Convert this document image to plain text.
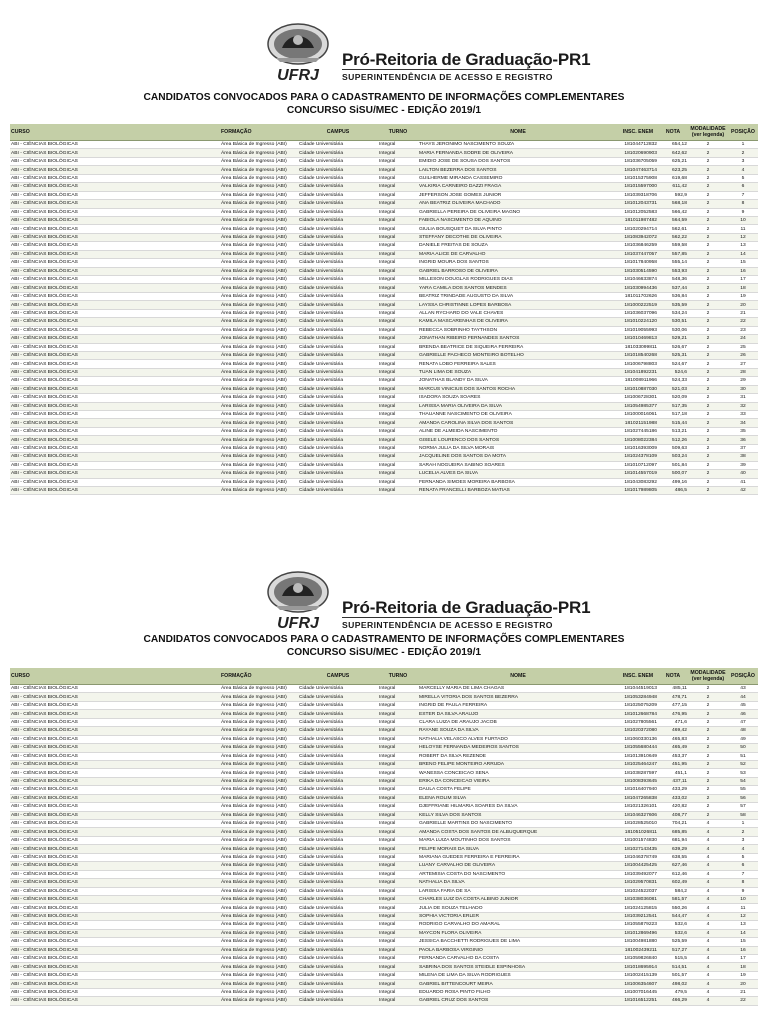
UFRJ
Pró-Reitoria de Graduação-PR1
SUPERINTENDÊNCIA DE ACESSO E REGISTRO
CANDIDATOS CONVOCADOS PARA O CADASTRAMENTO DE INFORMAÇÕES COMPLEMENTARES
CONCURSO SiSU/MEC - EDIÇÃO 2019/1
CURSO	FORMAÇÃO	CAMPUS	TURNO	NOME	INSC. ENEM	NOTA	MODALIDADE (ver legenda)	POSIÇÃO
ABI - CIÊNCIAS BIOLÓGICAS	Área Básica de Ingresso (ABI)	Cidade Universitária	Integral	THAYS JERONIMO NASCIMENTO SOUZA	181044712832	654,12	2	1
ABI - CIÊNCIAS BIOLÓGICAS	Área Básica de Ingresso (ABI)	Cidade Universitária	Integral	MARIA FERNANDA SODRE DE OLIVEIRA	181020690903	642,62	2	2
ABI - CIÊNCIAS BIOLÓGICAS	Área Básica de Ingresso (ABI)	Cidade Universitária	Integral	EMIDIO JOSE DE SOUSA DOS SANTOS	181036705059	625,21	2	3
ABI - CIÊNCIAS BIOLÓGICAS	Área Básica de Ingresso (ABI)	Cidade Universitária	Integral	LAILTON BEZERRA DOS SANTOS	181047463714	623,25	2	4
ABI - CIÊNCIAS BIOLÓGICAS	Área Básica de Ingresso (ABI)	Cidade Universitária	Integral	GUILHERME MIRANDA CASSEMIRO	181015375908	619,68	2	5
ABI - CIÊNCIAS BIOLÓGICAS	Área Básica de Ingresso (ABI)	Cidade Universitária	Integral	VALKIRIA CARNEIRO DAZZI FRAGA	181015597000	611,42	2	6
ABI - CIÊNCIAS BIOLÓGICAS	Área Básica de Ingresso (ABI)	Cidade Universitária	Integral	JEFFERSON JOSE GOMES JUNIOR	181039318706	592,9	2	7
ABI - CIÊNCIAS BIOLÓGICAS	Área Básica de Ingresso (ABI)	Cidade Universitária	Integral	ANA BEATRIZ OLIVEIRA MACHADO	181012043731	568,18	2	8
ABI - CIÊNCIAS BIOLÓGICAS	Área Básica de Ingresso (ABI)	Cidade Universitária	Integral	GABRIELLA PEREIRA DE OLIVEIRA MAGNO	181012052583	566,42	2	9
ABI - CIÊNCIAS BIOLÓGICAS	Área Básica de Ingresso (ABI)	Cidade Universitária	Integral	FABIOLA NASCIMENTO DE AQUINO	181011987482	564,59	2	10
ABI - CIÊNCIAS BIOLÓGICAS	Área Básica de Ingresso (ABI)	Cidade Universitária	Integral	GIULIA BOUSQUET DA SILVA PINTO	181020294714	562,61	2	11
ABI - CIÊNCIAS BIOLÓGICAS	Área Básica de Ingresso (ABI)	Cidade Universitária	Integral	STEFFANY DECOTHE DE OLIVEIRA	181083942072	562,22	2	12
ABI - CIÊNCIAS BIOLÓGICAS	Área Básica de Ingresso (ABI)	Cidade Universitária	Integral	DANIELE FREITAS DE SOUZA	181036846259	559,58	2	13
ABI - CIÊNCIAS BIOLÓGICAS	Área Básica de Ingresso (ABI)	Cidade Universitária	Integral	MARIA ALICE DE CARVALHO	181037447057	557,85	2	14
ABI - CIÊNCIAS BIOLÓGICAS	Área Básica de Ingresso (ABI)	Cidade Universitária	Integral	INGRID MOURA DOS SANTOS	181017840958	555,14	2	15
ABI - CIÊNCIAS BIOLÓGICAS	Área Básica de Ingresso (ABI)	Cidade Universitária	Integral	GABRIEL BARROSO DE OLIVEIRA	181030514590	553,93	2	16
ABI - CIÊNCIAS BIOLÓGICAS	Área Básica de Ingresso (ABI)	Cidade Universitária	Integral	MILLESON DOUGLAS RODRIGUES DIAS	181046633874	548,36	2	17
ABI - CIÊNCIAS BIOLÓGICAS	Área Básica de Ingresso (ABI)	Cidade Universitária	Integral	YARA CAMILA DOS SANTOS MENDES	181030994436	537,44	2	18
ABI - CIÊNCIAS BIOLÓGICAS	Área Básica de Ingresso (ABI)	Cidade Universitária	Integral	BEATRIZ TRINDADE AUGUSTO DA SILVA	181011702626	536,84	2	19
ABI - CIÊNCIAS BIOLÓGICAS	Área Básica de Ingresso (ABI)	Cidade Universitária	Integral	LAYSSA CHRISTINNE LOPES BARBOSA	181000222519	535,59	2	20
ABI - CIÊNCIAS BIOLÓGICAS	Área Básica de Ingresso (ABI)	Cidade Universitária	Integral	ALLAN RYCHARD DO VALE CHAVES	181036037096	534,24	2	21
ABI - CIÊNCIAS BIOLÓGICAS	Área Básica de Ingresso (ABI)	Cidade Universitária	Integral	KAMILA MASCARENHAS DE OLIVEIRA	181010224120	530,51	2	22
ABI - CIÊNCIAS BIOLÓGICAS	Área Básica de Ingresso (ABI)	Cidade Universitária	Integral	REBECCA SOBRINHO TAYTHSON	181019055993	530,06	2	23
ABI - CIÊNCIAS BIOLÓGICAS	Área Básica de Ingresso (ABI)	Cidade Universitária	Integral	JONATHAN RIBEIRO FERNANDES SANTOS	181010469813	529,21	2	24
ABI - CIÊNCIAS BIOLÓGICAS	Área Básica de Ingresso (ABI)	Cidade Universitária	Integral	BRENDA BEATRICE DE SIQUEIRA FERREIRA	181033099811	526,67	2	25
ABI - CIÊNCIAS BIOLÓGICAS	Área Básica de Ingresso (ABI)	Cidade Universitária	Integral	GABRIELLE PACHECO MONTEIRO BOTELHO	181018540268	525,31	2	26
ABI - CIÊNCIAS BIOLÓGICAS	Área Básica de Ingresso (ABI)	Cidade Universitária	Integral	RENATA LOBO FERREIRA SALES	181006798803	524,67	2	27
ABI - CIÊNCIAS BIOLÓGICAS	Área Básica de Ingresso (ABI)	Cidade Universitária	Integral	TUAN LIMA DE SOUZA	181041892231	524,6	2	28
ABI - CIÊNCIAS BIOLÓGICAS	Área Básica de Ingresso (ABI)	Cidade Universitária	Integral	JONATHAS BLANDY DA SILVA	181008911966	524,33	2	29
ABI - CIÊNCIAS BIOLÓGICAS	Área Básica de Ingresso (ABI)	Cidade Universitária	Integral	MARCUS VINICIUS DOS SANTOS ROCHA	181010887030	521,03	2	30
ABI - CIÊNCIAS BIOLÓGICAS	Área Básica de Ingresso (ABI)	Cidade Universitária	Integral	ISADORA SOUZA SOARES	181006728301	520,09	2	31
ABI - CIÊNCIAS BIOLÓGICAS	Área Básica de Ingresso (ABI)	Cidade Universitária	Integral	LARISSA MARIA OLIVEIRA DA SILVA	181054985377	517,35	2	32
ABI - CIÊNCIAS BIOLÓGICAS	Área Básica de Ingresso (ABI)	Cidade Universitária	Integral	THAUANNE NASCIMENTO DE OLIVEIRA	181000016061	517,18	2	33
ABI - CIÊNCIAS BIOLÓGICAS	Área Básica de Ingresso (ABI)	Cidade Universitária	Integral	AMANDA CAROLINA SILVA DOS SANTOS	181021151988	515,44	2	34
ABI - CIÊNCIAS BIOLÓGICAS	Área Básica de Ingresso (ABI)	Cidade Universitária	Integral	ALINE DE ALMEIDA NASCIMENTO	181027445186	513,21	2	35
ABI - CIÊNCIAS BIOLÓGICAS	Área Básica de Ingresso (ABI)	Cidade Universitária	Integral	GISELE LOURENCO DOS SANTOS	181008022384	512,26	2	36
ABI - CIÊNCIAS BIOLÓGICAS	Área Básica de Ingresso (ABI)	Cidade Universitária	Integral	NORMA JULIA DA SILVA MORAIS	181016393009	509,63	2	37
ABI - CIÊNCIAS BIOLÓGICAS	Área Básica de Ingresso (ABI)	Cidade Universitária	Integral	JACQUELINE DOS SANTOS DA MOTA	181024378109	503,24	2	38
ABI - CIÊNCIAS BIOLÓGICAS	Área Básica de Ingresso (ABI)	Cidade Universitária	Integral	SARAH NOGUEIRA SABINO SOARES	181010712097	501,84	2	39
ABI - CIÊNCIAS BIOLÓGICAS	Área Básica de Ingresso (ABI)	Cidade Universitária	Integral	LUCELIA ALVES DA SILVA	181014557019	500,07	2	40
ABI - CIÊNCIAS BIOLÓGICAS	Área Básica de Ingresso (ABI)	Cidade Universitária	Integral	FERNANDA SIMOES MOREIRA BARBOSA	181043083292	499,16	2	41
ABI - CIÊNCIAS BIOLÓGICAS	Área Básica de Ingresso (ABI)	Cidade Universitária	Integral	RENATA FRANCELLI BARBOZA MATIAS	181017989805	486,5	2	42
UFRJ
Pró-Reitoria de Graduação-PR1
SUPERINTENDÊNCIA DE ACESSO E REGISTRO
CANDIDATOS CONVOCADOS PARA O CADASTRAMENTO DE INFORMAÇÕES COMPLEMENTARES
CONCURSO SiSU/MEC - EDIÇÃO 2019/1
CURSO	FORMAÇÃO	CAMPUS	TURNO	NOME	INSC. ENEM	NOTA	MODALIDADE (ver legenda)	POSIÇÃO
ABI - CIÊNCIAS BIOLÓGICAS	Área Básica de Ingresso (ABI)	Cidade Universitária	Integral	MARCELLY MARIA DE LIMA CHAGAS	181044519013	485,11	2	43
ABI - CIÊNCIAS BIOLÓGICAS	Área Básica de Ingresso (ABI)	Cidade Universitária	Integral	MIRELLA VITORIA DOS SANTOS BEZERRA	181053284948	478,71	2	44
ABI - CIÊNCIAS BIOLÓGICAS	Área Básica de Ingresso (ABI)	Cidade Universitária	Integral	INGRID DE PAULA FERREIRA	181025075209	477,15	2	45
ABI - CIÊNCIAS BIOLÓGICAS	Área Básica de Ingresso (ABI)	Cidade Universitária	Integral	ESTER DA SILVA ARAUJO	181012668784	476,95	2	46
ABI - CIÊNCIAS BIOLÓGICAS	Área Básica de Ingresso (ABI)	Cidade Universitária	Integral	CLARA LUIZA DE ARAUJO JACOB	181027805561	471,6	2	47
ABI - CIÊNCIAS BIOLÓGICAS	Área Básica de Ingresso (ABI)	Cidade Universitária	Integral	RAYANE SOUZA DA SILVA	181020372080	469,42	2	48
ABI - CIÊNCIAS BIOLÓGICAS	Área Básica de Ingresso (ABI)	Cidade Universitária	Integral	NATHALIA VELASCO ALVES FURTADO	181060330136	465,83	2	49
ABI - CIÊNCIAS BIOLÓGICAS	Área Básica de Ingresso (ABI)	Cidade Universitária	Integral	HELOYSE FERNANDA MEDEIROS SANTOS	181055680444	465,49	2	50
ABI - CIÊNCIAS BIOLÓGICAS	Área Básica de Ingresso (ABI)	Cidade Universitária	Integral	ROBERT DA SILVA REZENDE	181013910649	453,37	2	51
ABI - CIÊNCIAS BIOLÓGICAS	Área Básica de Ingresso (ABI)	Cidade Universitária	Integral	BRENO FELIPE MONTEIRO ARRUDA	181025464247	451,95	2	52
ABI - CIÊNCIAS BIOLÓGICAS	Área Básica de Ingresso (ABI)	Cidade Universitária	Integral	WANESSA CONCEICAO SENA	181038287597	451,1	2	53
ABI - CIÊNCIAS BIOLÓGICAS	Área Básica de Ingresso (ABI)	Cidade Universitária	Integral	ERIKA DA CONCEICAO VIEIRA	181008393645	437,11	2	54
ABI - CIÊNCIAS BIOLÓGICAS	Área Básica de Ingresso (ABI)	Cidade Universitária	Integral	DAULA COSTA FELIPE	181016407940	433,29	2	55
ABI - CIÊNCIAS BIOLÓGICAS	Área Básica de Ingresso (ABI)	Cidade Universitária	Integral	ELENA ROLIM SILVA	181047265838	433,02	2	56
ABI - CIÊNCIAS BIOLÓGICAS	Área Básica de Ingresso (ABI)	Cidade Universitária	Integral	DJEFFRIANE HILMARIA SOARES DA SILVA	181021326101	420,82	2	57
ABI - CIÊNCIAS BIOLÓGICAS	Área Básica de Ingresso (ABI)	Cidade Universitária	Integral	KELLY SILVA DOS SANTOS	181046327606	408,77	2	58
ABI - CIÊNCIAS BIOLÓGICAS	Área Básica de Ingresso (ABI)	Cidade Universitária	Integral	GABRIELLE MARTINS DO NASCIMENTO	181028525010	704,21	4	1
ABI - CIÊNCIAS BIOLÓGICAS	Área Básica de Ingresso (ABI)	Cidade Universitária	Integral	AMANDA COSTA DOS SANTOS DE ALBUQUERQUE	181051026811	685,85	4	2
ABI - CIÊNCIAS BIOLÓGICAS	Área Básica de Ingresso (ABI)	Cidade Universitária	Integral	MARIA LUIZA MOUTINHO DOS SANTOS	181001574830	681,94	4	3
ABI - CIÊNCIAS BIOLÓGICAS	Área Básica de Ingresso (ABI)	Cidade Universitária	Integral	FELIPE MORAIS DA SILVA	181027143435	639,29	4	4
ABI - CIÊNCIAS BIOLÓGICAS	Área Básica de Ingresso (ABI)	Cidade Universitária	Integral	MARIANA GUEDES FERREIRA E FERREIRA	181046378749	638,55	4	5
ABI - CIÊNCIAS BIOLÓGICAS	Área Básica de Ingresso (ABI)	Cidade Universitária	Integral	LUANY CARVALHO DE OLIVEIRA	181004425425	627,46	4	6
ABI - CIÊNCIAS BIOLÓGICAS	Área Básica de Ingresso (ABI)	Cidade Universitária	Integral	ARTEMISIA COSTA DO NASCIMENTO	181039492077	612,46	4	7
ABI - CIÊNCIAS BIOLÓGICAS	Área Básica de Ingresso (ABI)	Cidade Universitária	Integral	NATHALIA DA SILVA	181029570831	602,49	4	8
ABI - CIÊNCIAS BIOLÓGICAS	Área Básica de Ingresso (ABI)	Cidade Universitária	Integral	LARISSA FARIA DE SA	181024522037	584,2	4	9
ABI - CIÊNCIAS BIOLÓGICAS	Área Básica de Ingresso (ABI)	Cidade Universitária	Integral	CHARLES LUIZ DA COSTA ALBINO JUNIOR	181038036081	581,57	4	10
ABI - CIÊNCIAS BIOLÓGICAS	Área Básica de Ingresso (ABI)	Cidade Universitária	Integral	JULIA DE SOUZA TELHADO	181024125815	550,26	4	11
ABI - CIÊNCIAS BIOLÓGICAS	Área Básica de Ingresso (ABI)	Cidade Universitária	Integral	SOPHIA VICTORIA ERLER	181039212541	544,47	4	12
ABI - CIÊNCIAS BIOLÓGICAS	Área Básica de Ingresso (ABI)	Cidade Universitária	Integral	RODRIGO CARVALHO DO AMARAL	181055879223	532,6	4	13
ABI - CIÊNCIAS BIOLÓGICAS	Área Básica de Ingresso (ABI)	Cidade Universitária	Integral	MAYCON FLORA OLIVEIRA	181012869496	532,6	4	14
ABI - CIÊNCIAS BIOLÓGICAS	Área Básica de Ingresso (ABI)	Cidade Universitária	Integral	JESSICA BACCHETTI RODRIGUES DE LIMA	181004981880	525,59	4	15
ABI - CIÊNCIAS BIOLÓGICAS	Área Básica de Ingresso (ABI)	Cidade Universitária	Integral	PAOLA BARBOSA VIRGINIO	181002439211	517,27	4	16
ABI - CIÊNCIAS BIOLÓGICAS	Área Básica de Ingresso (ABI)	Cidade Universitária	Integral	FERNANDA CARVALHO DA COSTA	181059826840	515,5	4	17
ABI - CIÊNCIAS BIOLÓGICAS	Área Básica de Ingresso (ABI)	Cidade Universitária	Integral	SABRINA DOS SANTOS STEIDLE ESPINHOSA	181018695914	514,51	4	18
ABI - CIÊNCIAS BIOLÓGICAS	Área Básica de Ingresso (ABI)	Cidade Universitária	Integral	MILENA DE LIMA DA SILVA RODRIGUES	181002415139	501,57	4	19
ABI - CIÊNCIAS BIOLÓGICAS	Área Básica de Ingresso (ABI)	Cidade Universitária	Integral	GABRIEL BITTENCOURT MEIRA	181006354607	498,02	4	20
ABI - CIÊNCIAS BIOLÓGICAS	Área Básica de Ingresso (ABI)	Cidade Universitária	Integral	EDUARDO ROSA PINTO FILHO	181007016445	479,5	4	21
ABI - CIÊNCIAS BIOLÓGICAS	Área Básica de Ingresso (ABI)	Cidade Universitária	Integral	GABRIEL CRUZ DOS SANTOS	181016512251	466,29	4	22
